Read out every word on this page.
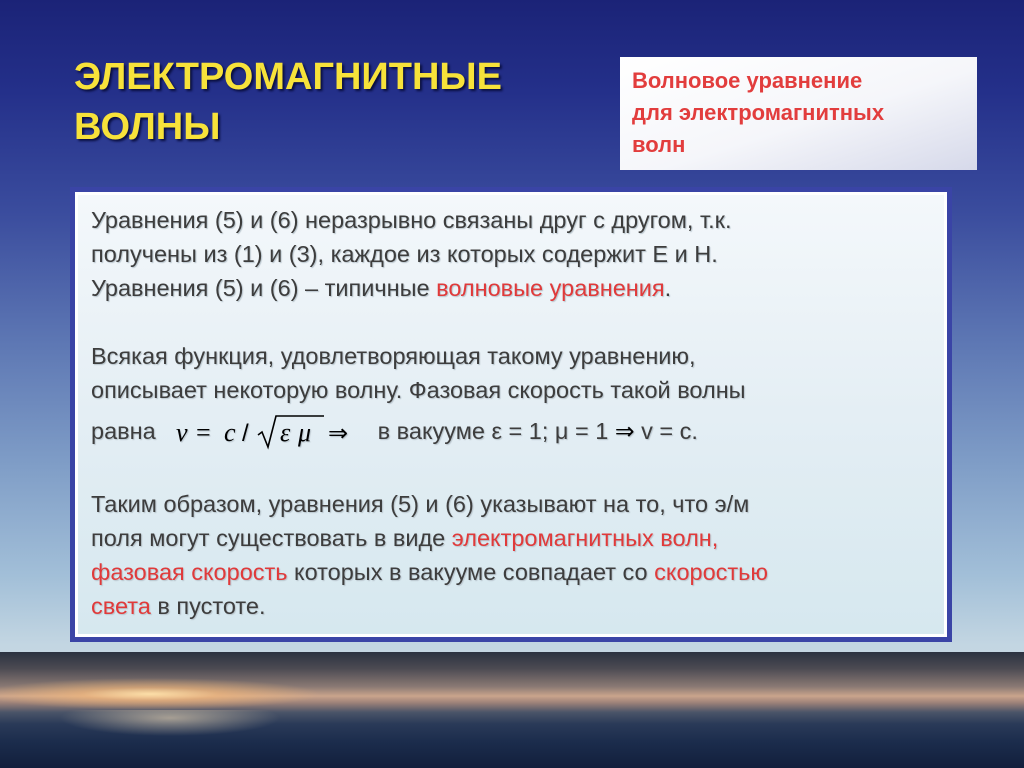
ЭЛЕКТРОМАГНИТНЫЕ
ВОЛНЫ
Волновое уравнение
для электромагнитных
волн

Уравнения (5) и (6) неразрывно связаны друг с другом, т.к.
получены из (1) и (3), каждое из которых содержит Е и Н.
Уравнения (5) и (6) – типичные волновые уравнения.

Всякая функция, удовлетворяющая такому уравнению,
описывает некоторую волну. Фазовая скорость такой волны

равна v = c / ε μ ⇒ в вакууме ε = 1; μ = 1 ⇒ v = c.

Таким образом, уравнения (5) и (6) указывают на то, что э/м
поля могут существовать в виде электромагнитных волн,
фазовая скорость которых в вакууме совпадает со скоростью
света в пустоте.
